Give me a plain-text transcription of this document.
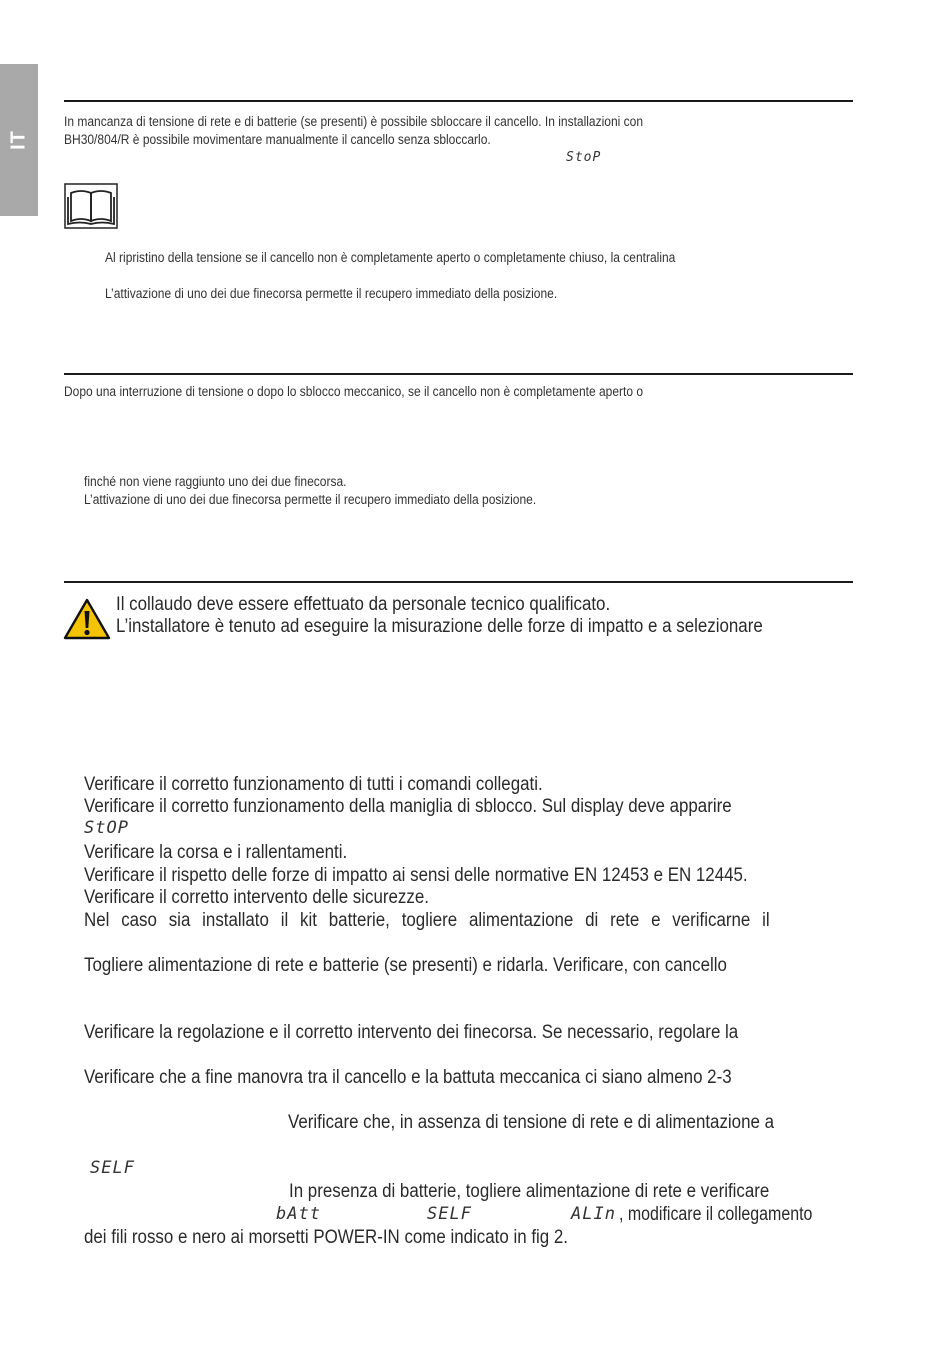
IT
In mancanza di tensione di rete e di batterie (se presenti) è possibile sbloccare il cancello. In installazioni con
BH30/804/R è possibile movimentare manualmente il cancello senza sbloccarlo.
StoP
Al ripristino della tensione se il cancello non è completamente aperto o completamente chiuso, la centralina
L’attivazione di uno dei due finecorsa permette il recupero immediato della posizione.
Dopo una interruzione di tensione o dopo lo sblocco meccanico, se il cancello non è completamente aperto o
finché non viene raggiunto uno dei due finecorsa.
L’attivazione di uno dei due finecorsa permette il recupero immediato della posizione.
Il collaudo deve essere effettuato da personale tecnico qualificato.
L’installatore è tenuto ad eseguire la misurazione delle forze di impatto e a selezionare
Verificare il corretto funzionamento di tutti i comandi collegati.
Verificare il corretto funzionamento della maniglia di sblocco. Sul display deve apparire
StOP
Verificare la corsa e i rallentamenti.
Verificare il rispetto delle forze di impatto ai sensi delle normative EN 12453 e EN 12445.
Verificare il corretto intervento delle sicurezze.
Nel caso sia installato il kit batterie, togliere alimentazione di rete e verificarne il
Togliere alimentazione di rete e batterie (se presenti) e ridarla. Verificare, con cancello
Verificare la regolazione e il corretto intervento dei finecorsa. Se necessario, regolare la
Verificare che a fine manovra tra il cancello e la battuta meccanica ci siano almeno 2-3
Verificare che, in assenza di tensione di rete e di alimentazione a
SELF
In presenza di batterie, togliere alimentazione di rete e verificare
bAtt	SELF	ALIn , modificare il collegamento
dei fili rosso e nero ai morsetti POWER-IN come indicato in fig 2.
